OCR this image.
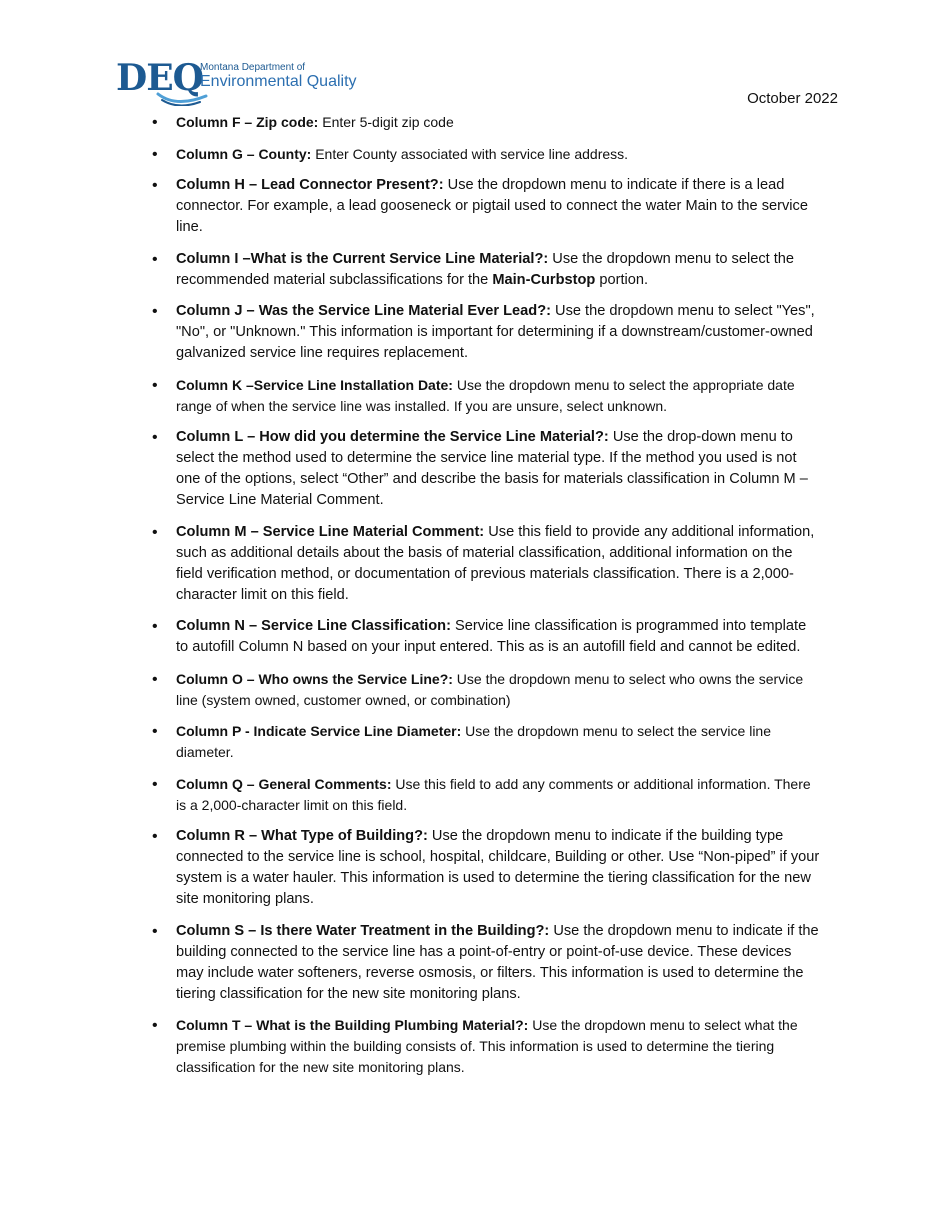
DEQ
Montana Department of
Environmental Quality
October 2022
• Column F – Zip code: Enter 5-digit zip code
• Column G – County: Enter County associated with service line address.
• Column H – Lead Connector Present?: Use the dropdown menu to indicate if there is a lead connector. For example, a lead gooseneck or pigtail used to connect the water Main to the service line.
• Column I –What is the Current Service Line Material?: Use the dropdown menu to select the recommended material subclassifications for the Main-Curbstop portion.
• Column J – Was the Service Line Material Ever Lead?: Use the dropdown menu to select "Yes", "No", or "Unknown." This information is important for determining if a downstream/customer-owned galvanized service line requires replacement.
• Column K –Service Line Installation Date: Use the dropdown menu to select the appropriate date range of when the service line was installed. If you are unsure, select unknown.
• Column L – How did you determine the Service Line Material?: Use the drop-down menu to select the method used to determine the service line material type. If the method you used is not one of the options, select “Other” and describe the basis for materials classification in Column M – Service Line Material Comment.
• Column M – Service Line Material Comment: Use this field to provide any additional information, such as additional details about the basis of material classification, additional information on the field verification method, or documentation of previous materials classification. There is a 2,000-character limit on this field.
• Column N – Service Line Classification: Service line classification is programmed into template to autofill Column N based on your input entered. This as is an autofill field and cannot be edited.
• Column O – Who owns the Service Line?: Use the dropdown menu to select who owns the service line (system owned, customer owned, or combination)
• Column P - Indicate Service Line Diameter: Use the dropdown menu to select the service line diameter.
• Column Q – General Comments: Use this field to add any comments or additional information. There is a 2,000-character limit on this field.
• Column R – What Type of Building?: Use the dropdown menu to indicate if the building type connected to the service line is school, hospital, childcare, Building or other. Use “Non-piped” if your system is a water hauler. This information is used to determine the tiering classification for the new site monitoring plans.
• Column S – Is there Water Treatment in the Building?: Use the dropdown menu to indicate if the building connected to the service line has a point-of-entry or point-of-use device. These devices may include water softeners, reverse osmosis, or filters. This information is used to determine the tiering classification for the new site monitoring plans.
• Column T – What is the Building Plumbing Material?: Use the dropdown menu to select what the premise plumbing within the building consists of. This information is used to determine the tiering classification for the new site monitoring plans.
